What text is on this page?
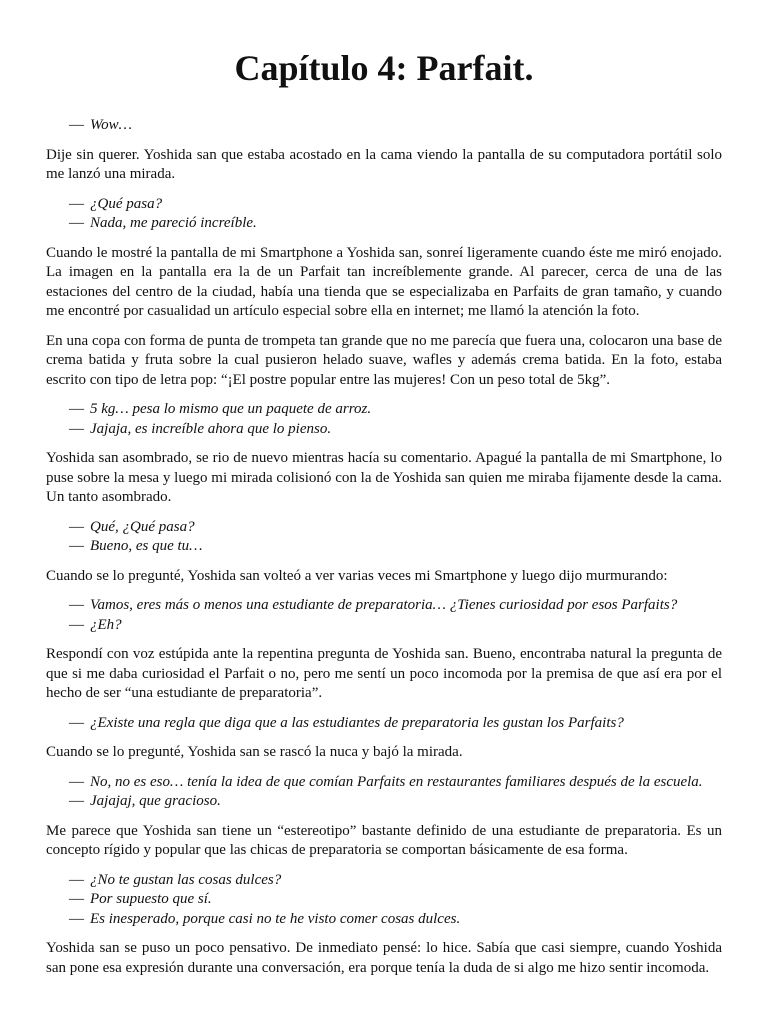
Capítulo 4: Parfait.
— Wow…

Dije sin querer. Yoshida san que estaba acostado en la cama viendo la pantalla de su computadora portátil solo me lanzó una mirada.

— ¿Qué pasa?
— Nada, me pareció increíble.

Cuando le mostré la pantalla de mi Smartphone a Yoshida san, sonreí ligeramente cuando éste me miró enojado. La imagen en la pantalla era la de un Parfait tan increíblemente grande. Al parecer, cerca de una de las estaciones del centro de la ciudad, había una tienda que se especializaba en Parfaits de gran tamaño, y cuando me encontré por casualidad un artículo especial sobre ella en internet; me llamó la atención la foto.

En una copa con forma de punta de trompeta tan grande que no me parecía que fuera una, colocaron una base de crema batida y fruta sobre la cual pusieron helado suave, wafles y además crema batida. En la foto, estaba escrito con tipo de letra pop: “¡El postre popular entre las mujeres! Con un peso total de 5kg”.

— 5 kg… pesa lo mismo que un paquete de arroz.
— Jajaja, es increíble ahora que lo pienso.

Yoshida san asombrado, se rio de nuevo mientras hacía su comentario. Apagué la pantalla de mi Smartphone, lo puse sobre la mesa y luego mi mirada colisionó con la de Yoshida san quien me miraba fijamente desde la cama. Un tanto asombrado.

— Qué, ¿Qué pasa?
— Bueno, es que tu…

Cuando se lo pregunté, Yoshida san volteó a ver varias veces mi Smartphone y luego dijo murmurando:

— Vamos, eres más o menos una estudiante de preparatoria… ¿Tienes curiosidad por esos Parfaits?
— ¿Eh?

Respondí con voz estúpida ante la repentina pregunta de Yoshida san. Bueno, encontraba natural la pregunta de que si me daba curiosidad el Parfait o no, pero me sentí un poco incomoda por la premisa de que así era por el hecho de ser “una estudiante de preparatoria”.

— ¿Existe una regla que diga que a las estudiantes de preparatoria les gustan los Parfaits?

Cuando se lo pregunté, Yoshida san se rascó la nuca y bajó la mirada.

— No, no es eso… tenía la idea de que comían Parfaits en restaurantes familiares después de la escuela.
— Jajajaj, que gracioso.

Me parece que Yoshida san tiene un “estereotipo” bastante definido de una estudiante de preparatoria. Es un concepto rígido y popular que las chicas de preparatoria se comportan básicamente de esa forma.

— ¿No te gustan las cosas dulces?
— Por supuesto que sí.
— Es inesperado, porque casi no te he visto comer cosas dulces.

Yoshida san se puso un poco pensativo. De inmediato pensé: lo hice. Sabía que casi siempre, cuando Yoshida san pone esa expresión durante una conversación, era porque tenía la duda de si algo me hizo sentir incomoda.
